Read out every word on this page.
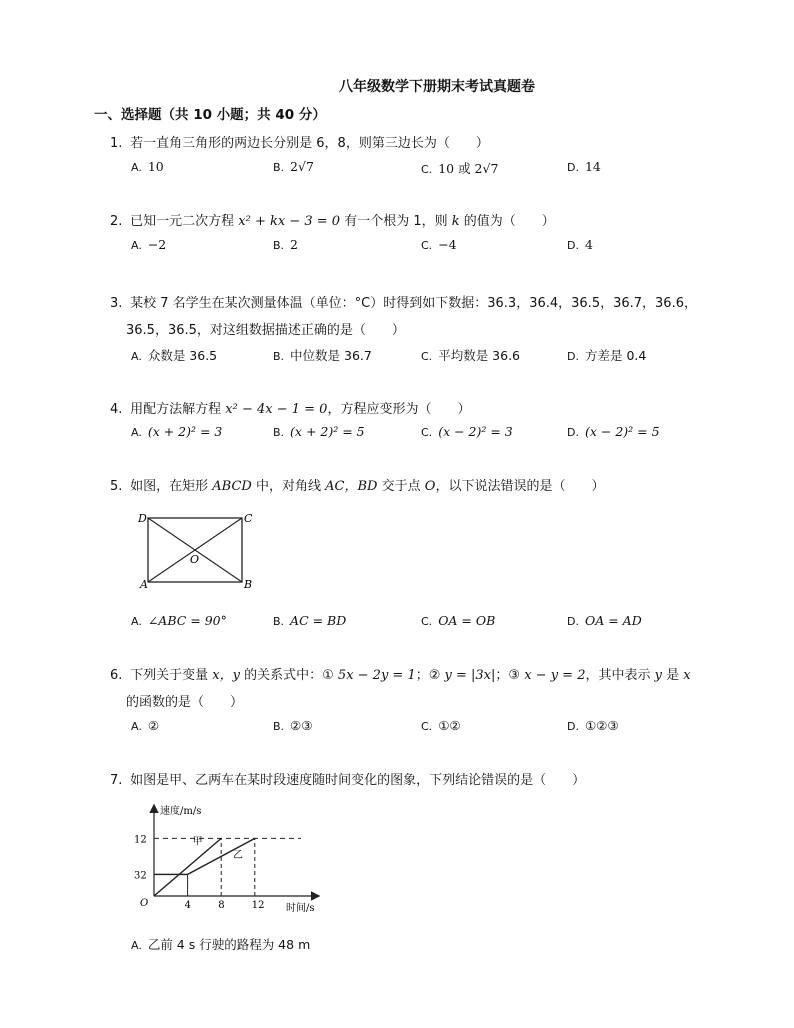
八年级数学下册期末考试真题卷
一、选择题（共 10 小题；共 40 分）
1. 若一直角三角形的两边长分别是 6，8，则第三边长为（　　）
A. 10	B. 2√7	C. 10 或 2√7	D. 14
2. 已知一元二次方程 x² + kx − 3 = 0 有一个根为 1，则 k 的值为（　　）
A. −2	B. 2	C. −4	D. 4
3. 某校 7 名学生在某次测量体温（单位：°C）时得到如下数据：36.3，36.4，36.5，36.7，36.6，
36.5，36.5，对这组数据描述正确的是（　　）
A. 众数是 36.5	B. 中位数是 36.7	C. 平均数是 36.6	D. 方差是 0.4
4. 用配方法解方程 x² − 4x − 1 = 0，方程应变形为（　　）
A. (x + 2)² = 3	B. (x + 2)² = 5	C. (x − 2)² = 3	D. (x − 2)² = 5
5. 如图，在矩形 ABCD 中，对角线 AC，BD 交于点 O，以下说法错误的是（　　）
D	C
A	B
O
A. ∠ABC = 90°	B. AC = BD	C. OA = OB	D. OA = AD
6. 下列关于变量 x，y 的关系式中：① 5x − 2y = 1；② y = |3x|；③ x − y = 2，其中表示 y 是 x
的函数的是（　　）
A. ②	B. ②③	C. ①②	D. ①②③
7. 如图是甲、乙两车在某时段速度随时间变化的图象，下列结论错误的是（　　）
速度/m/s
时间/s
O
32
12
4	8	12
甲
乙
A. 乙前 4 s 行驶的路程为 48 m
